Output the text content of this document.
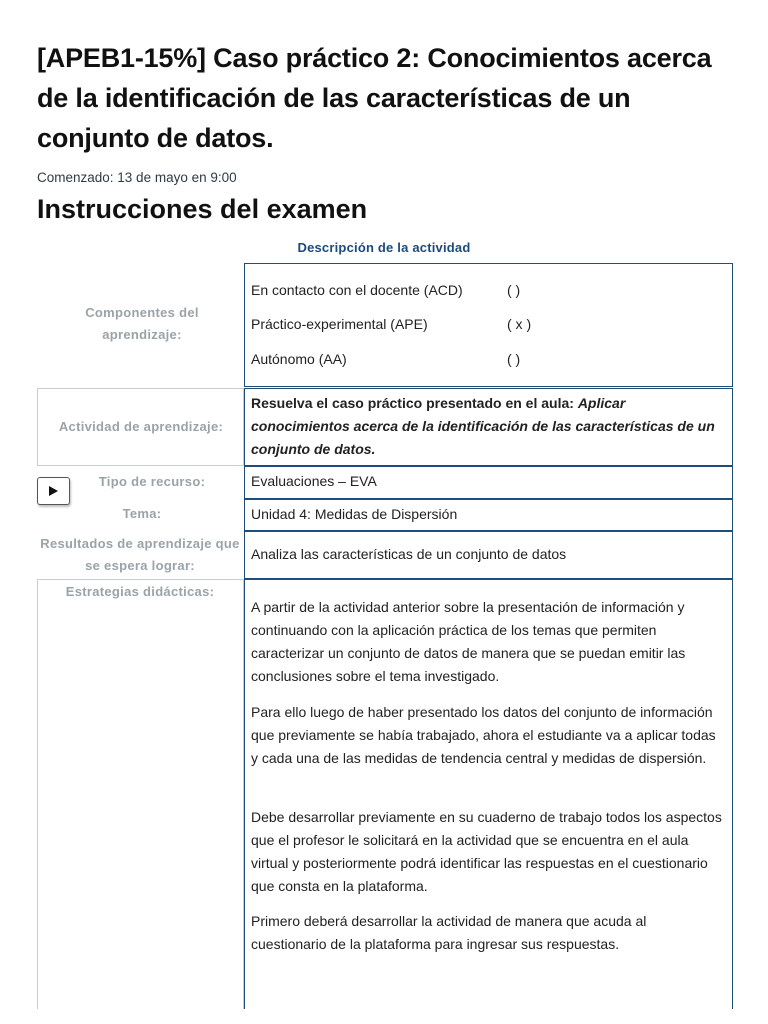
[APEB1-15%] Caso práctico 2: Conocimientos acerca de la identificación de las características de un conjunto de datos.
Comenzado: 13 de mayo en 9:00
Instrucciones del examen
Descripción de la actividad
Componentes del aprendizaje:
En contacto con el docente (ACD)	( )
Práctico-experimental (APE)	( x )
Autónomo (AA)	( )
Actividad de aprendizaje:
Resuelva el caso práctico presentado en el aula: Aplicar conocimientos acerca de la identificación de las características de un conjunto de datos.
Tipo de recurso:	Evaluaciones – EVA
Tema:	Unidad 4: Medidas de Dispersión
Resultados de aprendizaje que se espera lograr:
Analiza las características de un conjunto de datos
Estrategias didácticas:

A partir de la actividad anterior sobre la presentación de información y continuando con la aplicación práctica de los temas que permiten caracterizar un conjunto de datos de manera que se puedan emitir las conclusiones sobre el tema investigado.

Para ello luego de haber presentado los datos del conjunto de información que previamente se había trabajado, ahora el estudiante va a aplicar todas y cada una de las medidas de tendencia central y medidas de dispersión.

Debe desarrollar previamente en su cuaderno de trabajo todos los aspectos que el profesor le solicitará en la actividad que se encuentra en el aula virtual y posteriormente podrá identificar las respuestas en el cuestionario que consta en la plataforma.

Primero deberá desarrollar la actividad de manera que acuda al cuestionario de la plataforma para ingresar sus respuestas.
